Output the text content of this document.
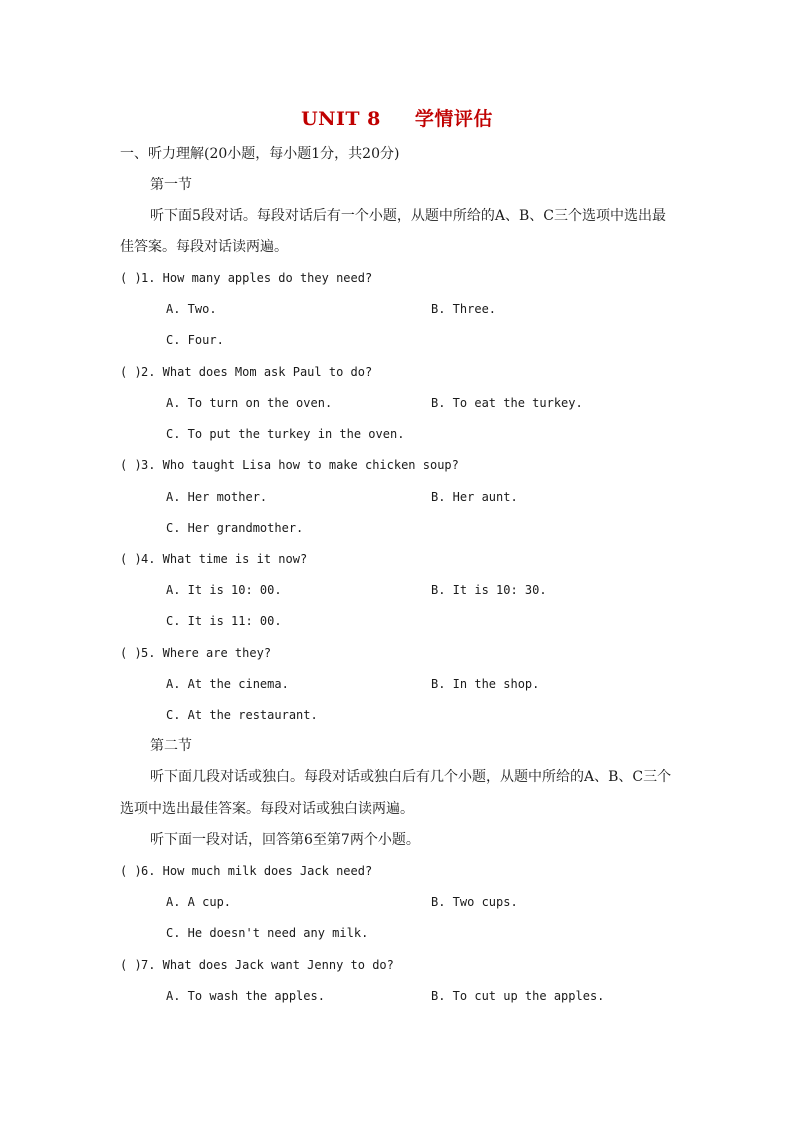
UNIT 8 学情评估
一、听力理解(20小题，每小题1分，共20分)
第一节
听下面5段对话。每段对话后有一个小题，从题中所给的A、B、C三个选项中选出最
佳答案。每段对话读两遍。
( ) 1. How many apples do they need?
A. Two.	B. Three.
C. Four.
( ) 2. What does Mom ask Paul to do?
A. To turn on the oven.	B. To eat the turkey.
C. To put the turkey in the oven.
( ) 3. Who taught Lisa how to make chicken soup?
A. Her mother.	B. Her aunt.
C. Her grandmother.
( ) 4. What time is it now?
A. It is 10: 00.	B. It is 10: 30.
C. It is 11: 00.
( ) 5. Where are they?
A. At the cinema.	B. In the shop.
C. At the restaurant.
第二节
听下面几段对话或独白。每段对话或独白后有几个小题，从题中所给的A、B、C三个
选项中选出最佳答案。每段对话或独白读两遍。
听下面一段对话，回答第6至第7两个小题。
( ) 6. How much milk does Jack need?
A. A cup.	B. Two cups.
C. He doesn't need any milk.
( ) 7. What does Jack want Jenny to do?
A. To wash the apples.	B. To cut up the apples.
